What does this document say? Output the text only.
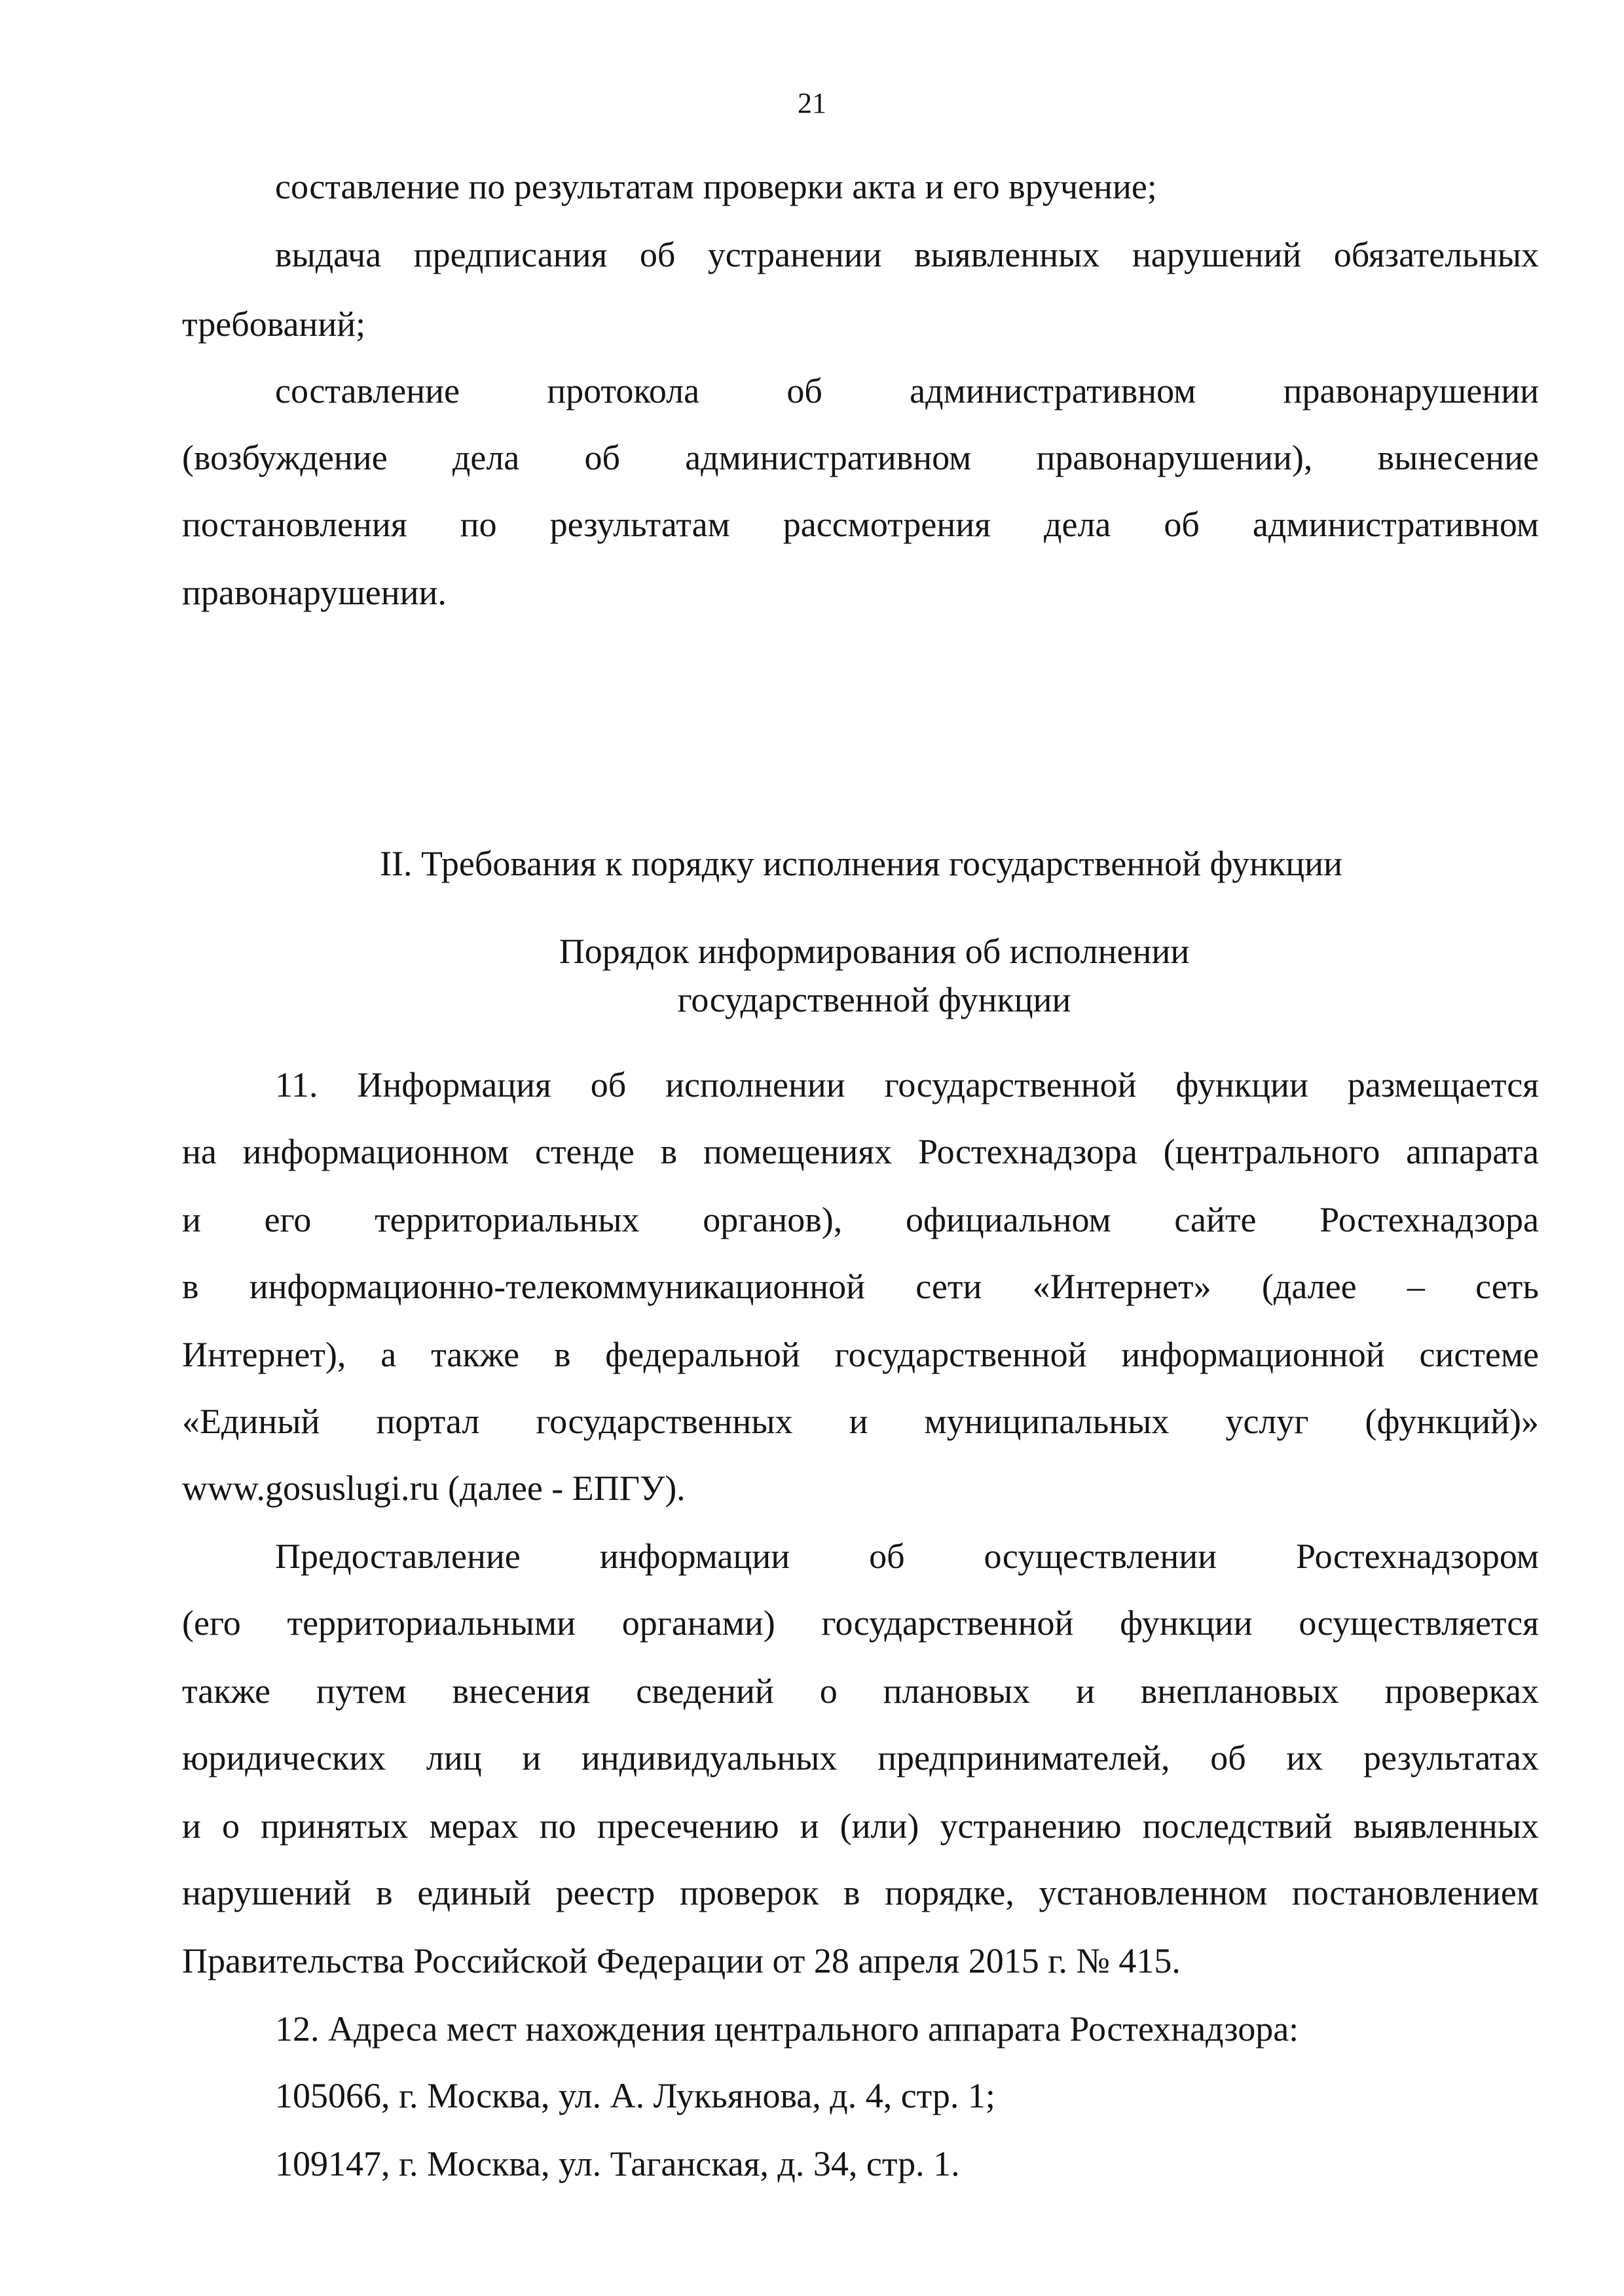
21
составление по результатам проверки акта и его вручение;
выдача предписания об устранении выявленных нарушений обязательных
требований;
составление протокола об административном правонарушении
(возбуждение дела об административном правонарушении), вынесение
постановления по результатам рассмотрения дела об административном
правонарушении.
II. Требования к порядку исполнения государственной функции
Порядок информирования об исполнении
государственной функции
11. Информация об исполнении государственной функции размещается
на информационном стенде в помещениях Ростехнадзора (центрального аппарата
и его территориальных органов), официальном сайте Ростехнадзора
в информационно-телекоммуникационной сети «Интернет» (далее – сеть
Интернет), а также в федеральной государственной информационной системе
«Единый портал государственных и муниципальных услуг (функций)»
www.gosuslugi.ru (далее - ЕПГУ).
Предоставление информации об осуществлении Ростехнадзором
(его территориальными органами) государственной функции осуществляется
также путем внесения сведений о плановых и внеплановых проверках
юридических лиц и индивидуальных предпринимателей, об их результатах
и о принятых мерах по пресечению и (или) устранению последствий выявленных
нарушений в единый реестр проверок в порядке, установленном постановлением
Правительства Российской Федерации от 28 апреля 2015 г. № 415.
12. Адреса мест нахождения центрального аппарата Ростехнадзора:
105066, г. Москва, ул. А. Лукьянова, д. 4, стр. 1;
109147, г. Москва, ул. Таганская, д. 34, стр. 1.
